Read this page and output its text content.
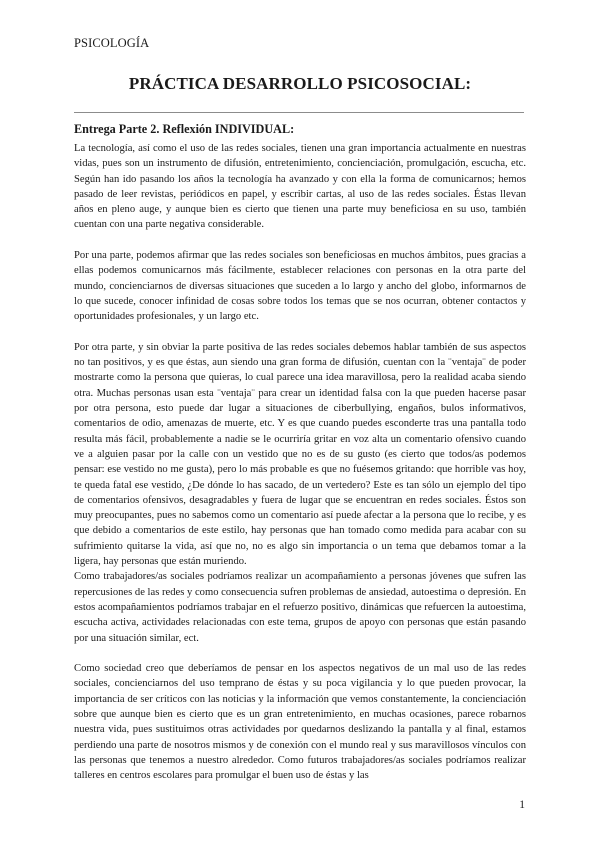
PSICOLOGÍA
PRÁCTICA DESARROLLO PSICOSOCIAL:
Entrega Parte 2. Reflexión INDIVIDUAL:

La tecnología, así como el uso de las redes sociales, tienen una gran importancia actualmente en nuestras vidas, pues son un instrumento de difusión, entretenimiento, concienciación, promulgación, escucha, etc. Según han ido pasando los años la tecnología ha avanzado y con ella la forma de comunicarnos; hemos pasado de leer revistas, periódicos en papel, y escribir cartas, al uso de las redes sociales. Éstas llevan años en pleno auge, y aunque bien es cierto que tienen una parte muy beneficiosa en su uso, también cuentan con una parte negativa considerable.

Por una parte, podemos afirmar que las redes sociales son beneficiosas en muchos ámbitos, pues gracias a ellas podemos comunicarnos más fácilmente, establecer relaciones con personas en la otra parte del mundo, concienciarnos de diversas situaciones que suceden a lo largo y ancho del globo, informarnos de lo que sucede, conocer infinidad de cosas sobre todos los temas que se nos ocurran, obtener contactos y oportunidades profesionales, y un largo etc.

Por otra parte, y sin obviar la parte positiva de las redes sociales debemos hablar también de sus aspectos no tan positivos, y es que éstas, aun siendo una gran forma de difusión, cuentan con la ¨ventaja¨ de poder mostrarte como la persona que quieras, lo cual parece una idea maravillosa, pero la realidad acaba siendo otra. Muchas personas usan esta ¨ventaja¨ para crear un identidad falsa con la que pueden hacerse pasar por otra persona, esto puede dar lugar a situaciones de ciberbullying, engaños, bulos informativos, comentarios de odio, amenazas de muerte, etc. Y es que cuando puedes esconderte tras una pantalla todo resulta más fácil, probablemente a nadie se le ocurriría gritar en voz alta un comentario ofensivo cuando ve a alguien pasar por la calle con un vestido que no es de su gusto (es cierto que todos/as podemos pensar: ese vestido no me gusta), pero lo más probable es que no fuésemos gritando: que horrible vas hoy, te queda fatal ese vestido, ¿De dónde lo has sacado, de un vertedero? Este es tan sólo un ejemplo del tipo de comentarios ofensivos, desagradables y fuera de lugar que se encuentran en redes sociales. Éstos son muy preocupantes, pues no sabemos como un comentario así puede afectar a la persona que lo recibe, y es que debido a comentarios de este estilo, hay personas que han tomado como medida para acabar con su sufrimiento quitarse la vida, así que no, no es algo sin importancia o un tema que debamos tomar a la ligera, hay personas que están muriendo.

Como trabajadores/as sociales podríamos realizar un acompañamiento a personas jóvenes que sufren las repercusiones de las redes y como consecuencia sufren problemas de ansiedad, autoestima o depresión. En estos acompañamientos podríamos trabajar en el refuerzo positivo, dinámicas que refuercen la autoestima, escucha activa, actividades relacionadas con este tema, grupos de apoyo con personas que están pasando por una situación similar, ect.

Como sociedad creo que deberíamos de pensar en los aspectos negativos de un mal uso de las redes sociales, concienciarnos del uso temprano de éstas y su poca vigilancia y lo que pueden provocar, la importancia de ser críticos con las noticias y la información que vemos constantemente, la concienciación sobre que aunque bien es cierto que es un gran entretenimiento, en muchas ocasiones, parece robarnos nuestra vida, pues sustituimos otras actividades por quedarnos deslizando la pantalla y al final, estamos perdiendo una parte de nosotros mismos y de conexión con el mundo real y sus maravillosos vínculos con las personas que tenemos a nuestro alrededor. Como futuros trabajadores/as sociales podríamos realizar talleres en centros escolares para promulgar el buen uso de éstas y las

1
